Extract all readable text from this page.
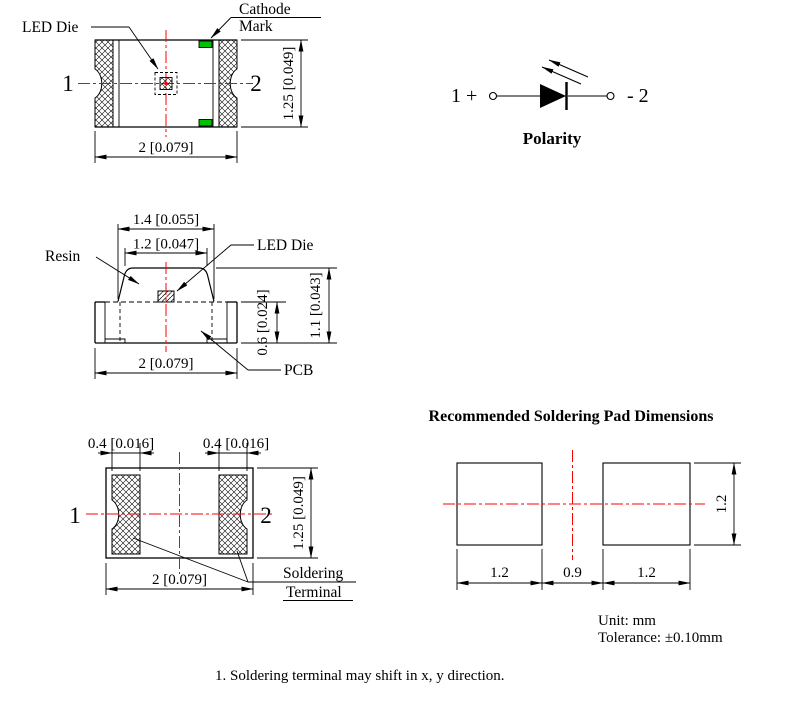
1	2
LED Die
Cathode
Mark
2 [0.079]
1.25 [0.049]	1 +	- 2
Polarity
1.4 [0.055]
1.2 [0.047]
0.6 [0.024] 1.1 [0.043]
2 [0.079]
Resin
LED Die
PCB
1	2
0.4 [0.016]	0.4 [0.016]
1.25 [0.049]
2 [0.079]	Soldering
Terminal
Recommended Soldering Pad Dimensions
1.2	0.9	1.2
1.2
Unit: mm
Tolerance: ±0.10mm
1. Soldering terminal may shift in x, y direction.
